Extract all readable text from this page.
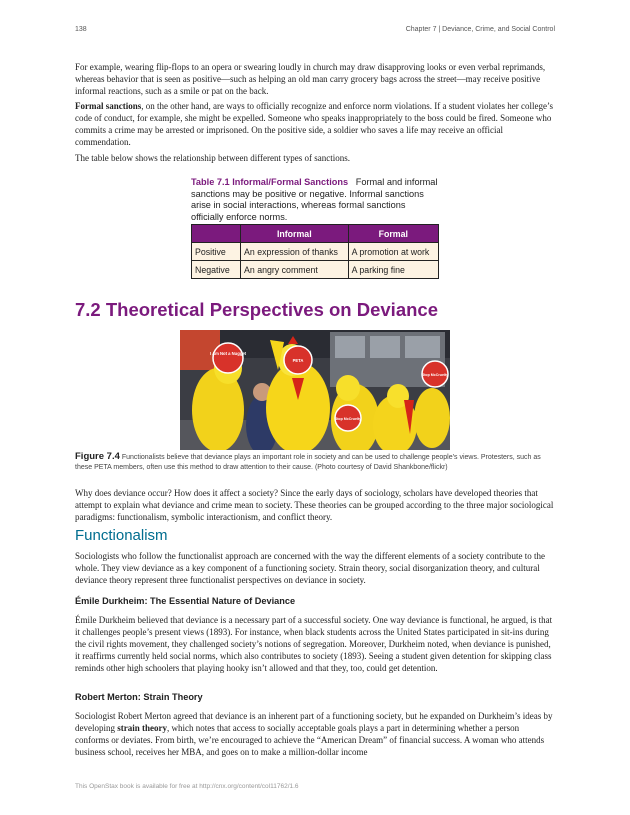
138	Chapter 7 | Deviance, Crime, and Social Control

For example, wearing flip-flops to an opera or swearing loudly in church may draw disapproving looks or even verbal reprimands, whereas behavior that is seen as positive—such as helping an old man carry grocery bags across the street—may receive positive informal reactions, such as a smile or pat on the back.

Formal sanctions, on the other hand, are ways to officially recognize and enforce norm violations. If a student violates her college’s code of conduct, for example, she might be expelled. Someone who speaks inappropriately to the boss could be fired. Someone who commits a crime may be arrested or imprisoned. On the positive side, a soldier who saves a life may receive an official commendation.

The table below shows the relationship between different types of sanctions.

Table 7.1 Informal/Formal Sanctions Formal and informal sanctions may be positive or negative. Informal sanctions arise in social interactions, whereas formal sanctions officially enforce norms.
	Informal	Formal
Positive	An expression of thanks	A promotion at work
Negative	An angry comment	A parking fine
7.2 Theoretical Perspectives on Deviance
I Am Not a Nugget
PETA
Stop McCruelty
Stop McCruelty
Figure 7.4 Functionalists believe that deviance plays an important role in society and can be used to challenge people’s views. Protesters, such as these PETA members, often use this method to draw attention to their cause. (Photo courtesy of David Shankbone/flickr)

Why does deviance occur? How does it affect a society? Since the early days of sociology, scholars have developed theories that attempt to explain what deviance and crime mean to society. These theories can be grouped according to the three major sociological paradigms: functionalism, symbolic interactionism, and conflict theory.

Functionalism

Sociologists who follow the functionalist approach are concerned with the way the different elements of a society contribute to the whole. They view deviance as a key component of a functioning society. Strain theory, social disorganization theory, and cultural deviance theory represent three functionalist perspectives on deviance in society.

Émile Durkheim: The Essential Nature of Deviance

Émile Durkheim believed that deviance is a necessary part of a successful society. One way deviance is functional, he argued, is that it challenges people’s present views (1893). For instance, when black students across the United States participated in sit-ins during the civil rights movement, they challenged society’s notions of segregation. Moreover, Durkheim noted, when deviance is punished, it reaffirms currently held social norms, which also contributes to society (1893). Seeing a student given detention for skipping class reminds other high schoolers that playing hooky isn’t allowed and that they, too, could get detention.

Robert Merton: Strain Theory

Sociologist Robert Merton agreed that deviance is an inherent part of a functioning society, but he expanded on Durkheim’s ideas by developing strain theory, which notes that access to socially acceptable goals plays a part in determining whether a person conforms or deviates. From birth, we’re encouraged to achieve the “American Dream” of financial success. A woman who attends business school, receives her MBA, and goes on to make a million-dollar income

This OpenStax book is available for free at http://cnx.org/content/col11762/1.6
